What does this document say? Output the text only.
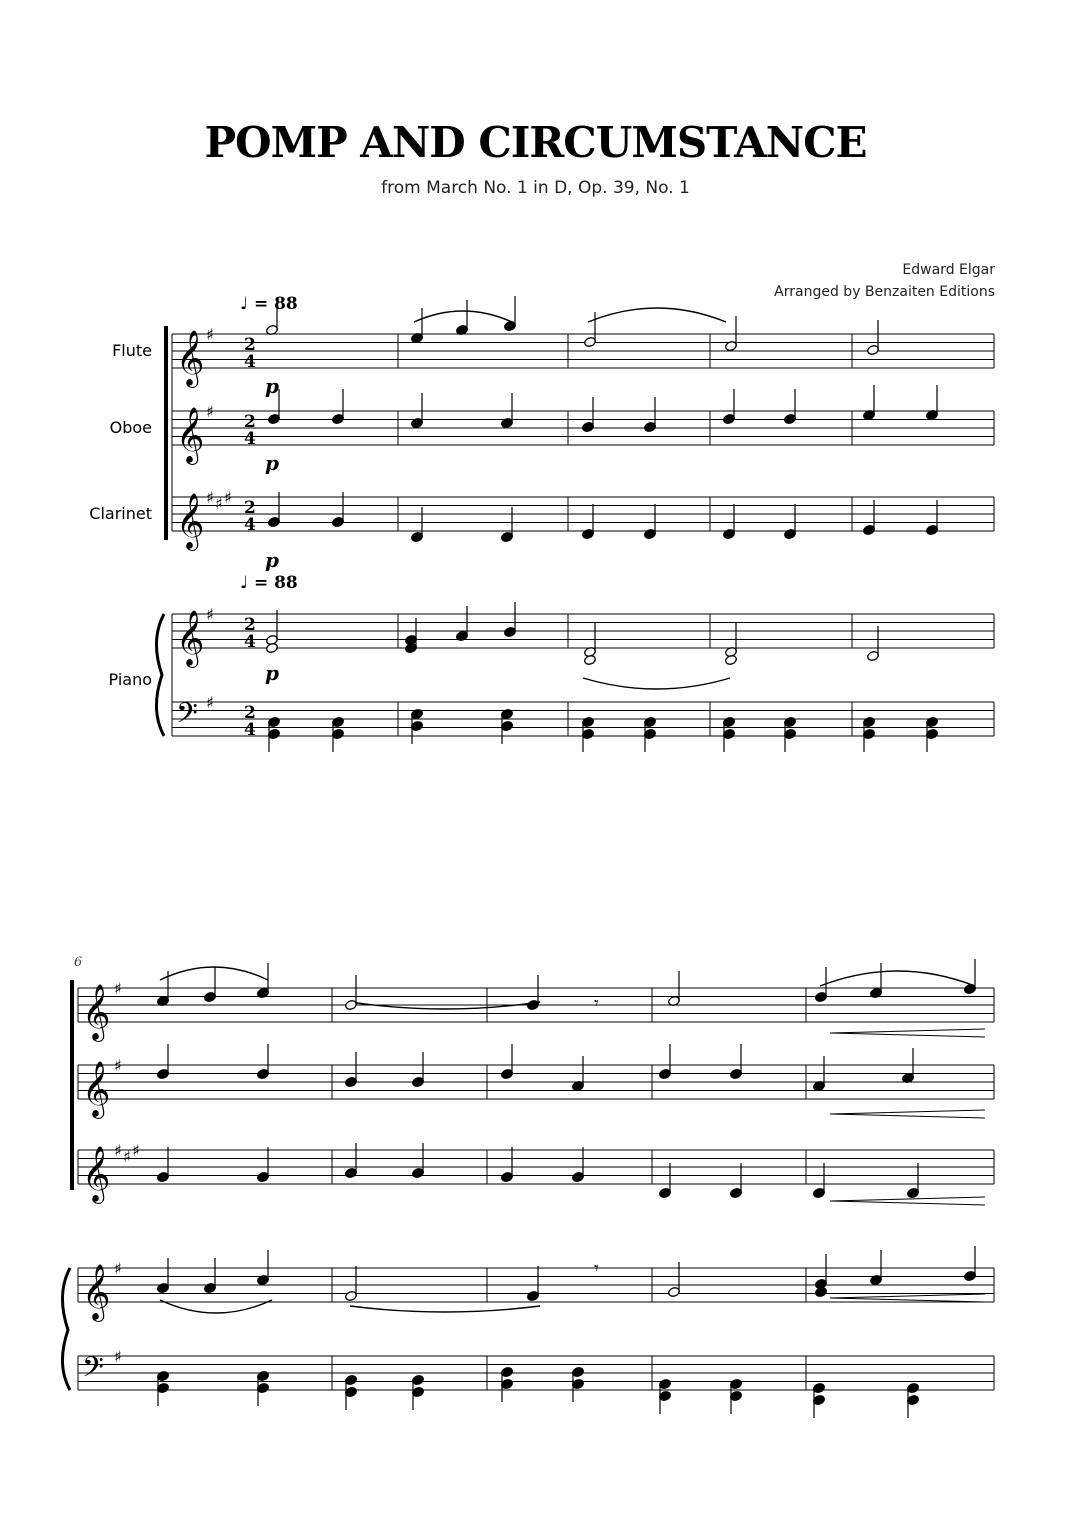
POMP AND CIRCUMSTANCE
from March No. 1 in D, Op. 39, No. 1
Edward Elgar
Arranged by Benzaiten Editions
Flute
Oboe
Clarinet
Piano
♩ = 88
♩ = 88
6
𝄞 ♯
2
4
𝄞 ♯
2
4
𝄞 ♯ ♯ ♯
2
4
𝄞 ♯
2
4
𝄢 ♯
2
4
p
p
p
p
𝄞 ♯
𝄞 ♯
𝄞 ♯ ♯ ♯
𝄞 ♯
𝄢 ♯
𝄾
𝄾
